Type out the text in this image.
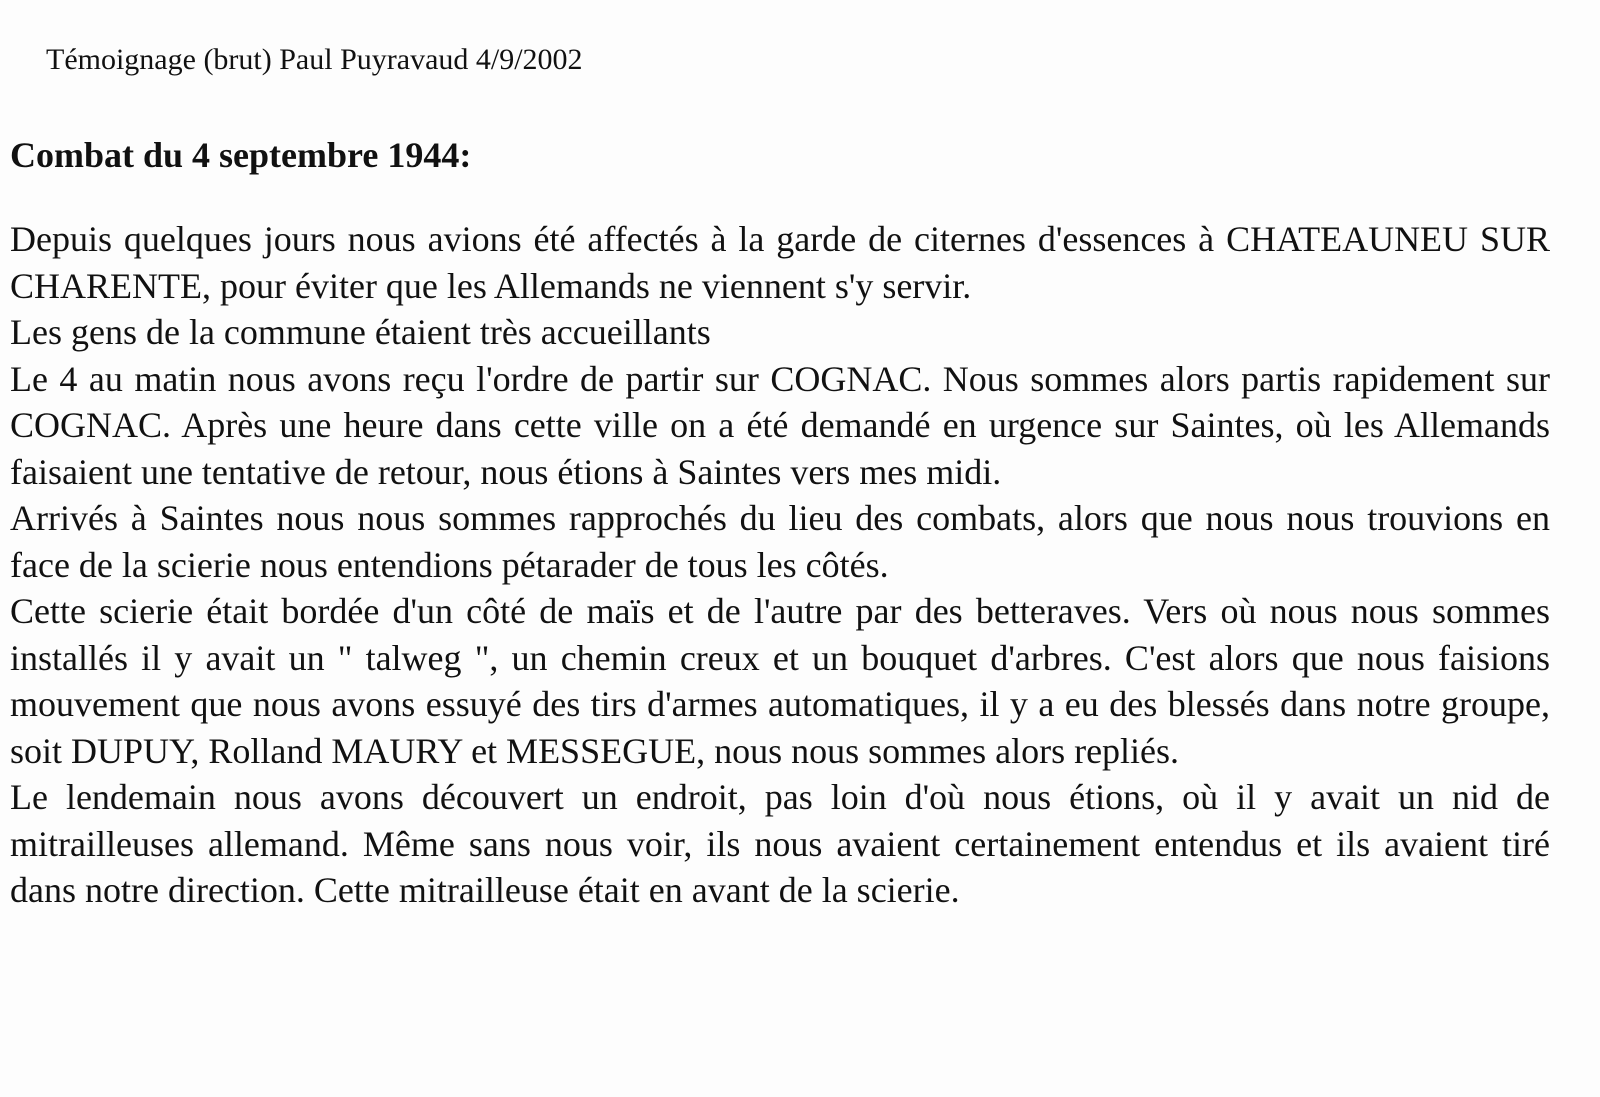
Témoignage (brut) Paul Puyravaud 4/9/2002
Combat du 4 septembre 1944:

Depuis quelques jours nous avions été affectés à la garde de citernes d'essences à CHATEAUNEU SUR CHARENTE, pour éviter que les Allemands ne viennent s'y servir.

Les gens de la commune étaient très accueillants

Le 4 au matin nous avons reçu l'ordre de partir sur COGNAC. Nous sommes alors partis rapidement sur COGNAC. Après une heure dans cette ville on a été demandé en urgence sur Saintes, où les Allemands faisaient une tentative de retour, nous étions à Saintes vers mes midi.

Arrivés à Saintes nous nous sommes rapprochés du lieu des combats, alors que nous nous trouvions en face de la scierie nous entendions pétarader de tous les côtés.

Cette scierie était bordée d'un côté de maïs et de l'autre par des betteraves. Vers où nous nous sommes installés il y avait un " talweg ", un chemin creux et un bouquet d'arbres. C'est alors que nous faisions mouvement que nous avons essuyé des tirs d'armes automatiques, il y a eu des blessés dans notre groupe, soit DUPUY, Rolland MAURY et MESSEGUE, nous nous sommes alors repliés.

Le lendemain nous avons découvert un endroit, pas loin d'où nous étions, où il y avait un nid de mitrailleuses allemand. Même sans nous voir, ils nous avaient certainement entendus et ils avaient tiré dans notre direction. Cette mitrailleuse était en avant de la scierie.
